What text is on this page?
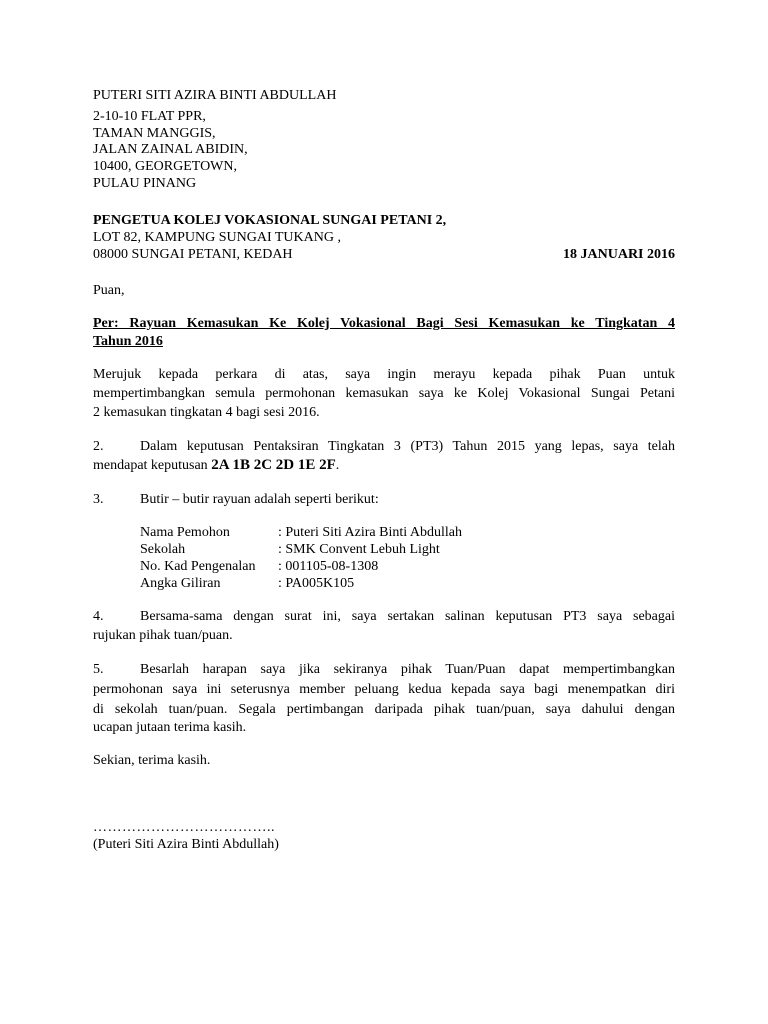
PUTERI SITI AZIRA BINTI ABDULLAH
2-10-10 FLAT PPR,
TAMAN MANGGIS,
JALAN ZAINAL ABIDIN,
10400, GEORGETOWN,
PULAU PINANG
PENGETUA KOLEJ VOKASIONAL SUNGAI PETANI 2,
LOT 82, KAMPUNG SUNGAI TUKANG ,
08000 SUNGAI PETANI, KEDAH	18 JANUARI 2016
Puan,
Per: Rayuan Kemasukan Ke Kolej Vokasional Bagi Sesi Kemasukan ke Tingkatan 4
Tahun 2016
Merujuk kepada perkara di atas, saya ingin merayu kepada pihak Puan untuk
mempertimbangkan semula permohonan kemasukan saya ke Kolej Vokasional Sungai Petani
2 kemasukan tingkatan 4 bagi sesi 2016.
2.	Dalam keputusan Pentaksiran Tingkatan 3 (PT3) Tahun 2015 yang lepas, saya telah
mendapat keputusan 2A 1B 2C 2D 1E 2F.
3.	Butir – butir rayuan adalah seperti berikut:
Nama Pemohon	: Puteri Siti Azira Binti Abdullah
Sekolah	: SMK Convent Lebuh Light
No. Kad Pengenalan : 001105-08-1308
Angka Giliran	: PA005K105
4.	Bersama-sama dengan surat ini, saya sertakan salinan keputusan PT3 saya sebagai
rujukan pihak tuan/puan.
5.	Besarlah harapan saya jika sekiranya pihak Tuan/Puan dapat mempertimbangkan
permohonan saya ini seterusnya member peluang kedua kepada saya bagi menempatkan diri
di sekolah tuan/puan. Segala pertimbangan daripada pihak tuan/puan, saya dahului dengan
ucapan jutaan terima kasih.
Sekian, terima kasih.
………………………………..
(Puteri Siti Azira Binti Abdullah)
